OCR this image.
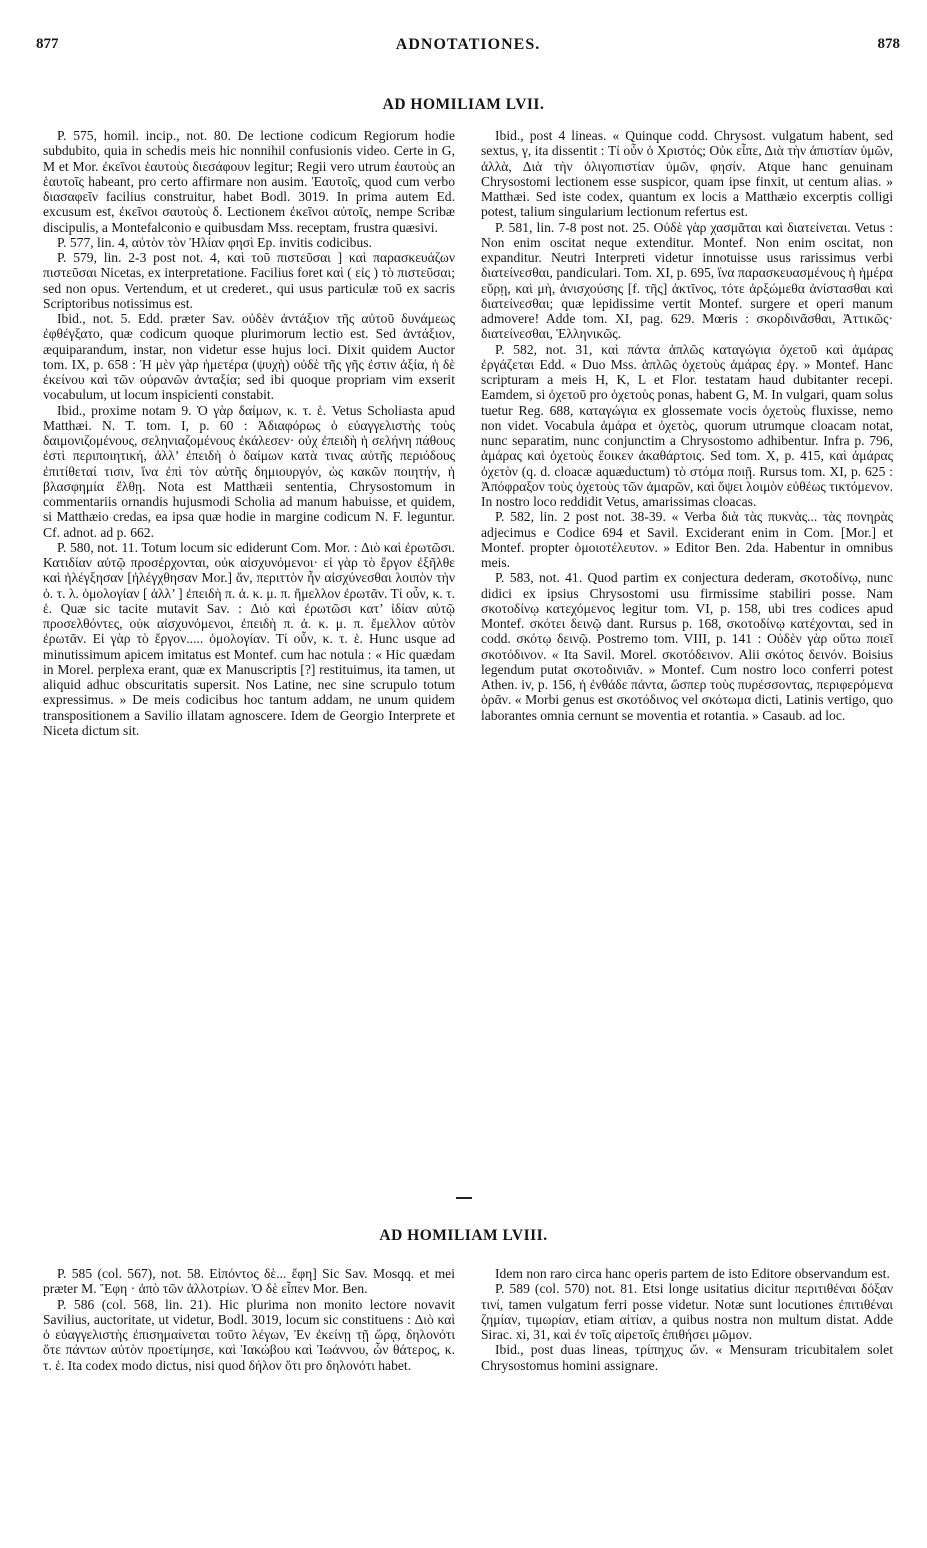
877	ADNOTATIONES.	878
AD HOMILIAM LVII.

P. 575, homil. incip., not. 80. De lectione codicum Regiorum hodie subdubito, quia in schedis meis hic nonnihil confusionis video. Certe in G, M et Mor. ἐκεῖνοι ἑαυτοὺς διεσάφουν legitur; Regii vero utrum ἑαυτοὺς an ἑαυτοῖς habeant, pro certo affirmare non ausim. Ἑαυτοῖς, quod cum verbo διασαφεῖν facilius construitur, habet Bodl. 3019. In prima autem Ed. excusum est, ἐκεῖνοι σαυτοὺς δ. Lectionem ἐκεῖνοι αὐτοῖς, nempe Scribæ discipulis, a Montefalconio e quibusdam Mss. receptam, frustra quæsivi.

P. 577, lin. 4, αὐτὸν τὸν Ἠλίαν φησὶ Ep. invitis codicibus.

P. 579, lin. 2-3 post not. 4, καὶ τοῦ πιστεῦσαι ] καὶ παρασκευάζων πιστεῦσαι Nicetas, ex interpretatione. Facilius foret καὶ ( εἰς ) τὸ πιστεῦσαι; sed non opus. Vertendum, et ut crederet., qui usus particulæ τοῦ ex sacris Scriptoribus notissimus est.

Ibid., not. 5. Edd. præter Sav. οὐδὲν ἀντάξιον τῆς αὐτοῦ δυνάμεως ἐφθέγξατο, quæ codicum quoque plurimorum lectio est. Sed ἀντάξιον, æquiparandum, instar, non videtur esse hujus loci. Dixit quidem Auctor tom. IX, p. 658 : Ἡ μὲν γὰρ ἡμετέρα (ψυχὴ) οὐδὲ τῆς γῆς ἐστιν ἀξία, ἡ δὲ ἐκείνου καὶ τῶν οὐρανῶν ἀνταξία; sed ibi quoque propriam vim exserit vocabulum, ut locum inspicienti constabit.

Ibid., proxime notam 9. Ὁ γὰρ δαίμων, κ. τ. ἑ. Vetus Scholiasta apud Matthæi. N. T. tom. I, p. 60 : Ἀδιαφόρως ὁ εὐαγγελιστὴς τοὺς δαιμονιζομένους, σεληνιαζομένους ἐκάλεσεν· οὐχ ἐπειδὴ ἡ σελήνη πάθους ἐστὶ περιποιητική, ἀλλ’ ἐπειδὴ ὁ δαίμων κατὰ τινας αὐτῆς περιόδους ἐπιτίθεταί τισιν, ἵνα ἐπὶ τὸν αὐτῆς δημιουργόν, ὡς κακῶν ποιητήν, ἡ βλασφημία ἔλθῃ. Nota est Matthæii sententia, Chrysostomum in commentariis ornandis hujusmodi Scholia ad manum habuisse, et quidem, si Matthæio credas, ea ipsa quæ hodie in margine codicum N. F. leguntur. Cf. adnot. ad p. 662.

P. 580, not. 11. Totum locum sic ediderunt Com. Mor. : Διὸ καὶ ἐρωτῶσι. Κατιδίαν αὐτῷ προσέρχονται, οὐκ αἰσχυνόμενοι· εἰ γὰρ τὸ ἔργον ἐξῆλθε καὶ ἠλέγξησαν [ἠλέγχθησαν Mor.] ἄν, περιττὸν ἦν αἰσχύνεσθαι λοιπὸν τὴν ὁ. τ. λ. ὁμολογίαν [ ἀλλ’ ] ἐπειδὴ π. ἀ. κ. μ. π. ἤμελλον ἐρωτᾶν. Τί οὖν, κ. τ. ἑ. Quæ sic tacite mutavit Sav. : Διὸ καὶ ἐρωτῶσι κατ’ ἰδίαν αὐτῷ προσελθόντες, οὐκ αἰσχυνόμενοι, ἐπειδὴ π. ἀ. κ. μ. π. ἔμελλον αὐτὸν ἐρωτᾶν. Εἰ γὰρ τὸ ἔργον..... ὁμολογίαν. Τί οὖν, κ. τ. ἑ. Hunc usque ad minutissimum apicem imitatus est Montef. cum hac notula : « Hic quædam in Morel. perplexa erant, quæ ex Manuscriptis [?] restituimus, ita tamen, ut aliquid adhuc obscuritatis supersit. Nos Latine, nec sine scrupulo totum expressimus. » De meis codicibus hoc tantum addam, ne unum quidem transpositionem a Savilio illatam agnoscere. Idem de Georgio Interprete et Niceta dictum sit.

Ibid., post 4 lineas. « Quinque codd. Chrysost. vulgatum habent, sed sextus, γ, ita dissentit : Τί οὖν ὁ Χριστός; Οὐκ εἶπε, Διὰ τὴν ἀπιστίαν ὑμῶν, ἀλλὰ, Διὰ τὴν ὀλιγοπιστίαν ὑμῶν, φησίν. Atque hanc genuinam Chrysostomi lectionem esse suspicor, quam ipse finxit, ut centum alias. » Matthæi. Sed iste codex, quantum ex locis a Matthæio excerptis colligi potest, talium singularium lectionum refertus est.

P. 581, lin. 7-8 post not. 25. Οὐδὲ γὰρ χασμᾶται καὶ διατείνεται. Vetus : Non enim oscitat neque extenditur. Montef. Non enim oscitat, non expanditur. Neutri Interpreti videtur innotuisse usus rarissimus verbi διατείνεσθαι, pandiculari. Tom. XI, p. 695, ἵνα παρασκευασμένους ἡ ἡμέρα εὕρῃ, καὶ μὴ, ἀνισχούσης [f. τῆς] ἀκτῖνος, τότε ἀρξώμεθα ἀνίστασθαι καὶ διατείνεσθαι; quæ lepidissime vertit Montef. surgere et operi manum admovere! Adde tom. XI, pag. 629. Mœris : σκορδινᾶσθαι, Ἀττικῶς· διατείνεσθαι, Ἑλληνικῶς.

P. 582, not. 31, καὶ πάντα ἁπλῶς καταγώγια ὀχετοῦ καὶ ἀμάρας ἐργάζεται Edd. « Duo Mss. ἁπλῶς ὀχετοὺς ἀμάρας ἐργ. » Montef. Hanc scripturam a meis H, K, L et Flor. testatam haud dubitanter recepi. Eamdem, si ὀχετοῦ pro ὀχετοὺς ponas, habent G, M. In vulgari, quam solus tuetur Reg. 688, καταγώγια ex glossemate vocis ὀχετοὺς fluxisse, nemo non videt. Vocabula ἀμάρα et ὀχετὸς, quorum utrumque cloacam notat, nunc separatim, nunc conjunctim a Chrysostomo adhibentur. Infra p. 796, ἀμάρας καὶ ὀχετοὺς ἔοικεν ἀκαθάρτοις. Sed tom. X, p. 415, καὶ ἀμάρας ὀχετὸν (q. d. cloacæ aquæductum) τὸ στόμα ποιῇ. Rursus tom. XI, p. 625 : Ἀπόφραξον τοὺς ὀχετοὺς τῶν ἀμαρῶν, καὶ ὄψει λοιμὸν εὐθέως τικτόμενον. In nostro loco reddidit Vetus, amarissimas cloacas.

P. 582, lin. 2 post not. 38-39. « Verba διὰ τὰς πυκνὰς... τὰς πονηρὰς adjecimus e Codice 694 et Savil. Exciderant enim in Com. [Mor.] et Montef. propter ὁμοιοτέλευτον. » Editor Ben. 2da. Habentur in omnibus meis.

P. 583, not. 41. Quod partim ex conjectura dederam, σκοτοδίνῳ, nunc didici ex ipsius Chrysostomi usu firmissime stabiliri posse. Nam σκοτοδίνῳ κατεχόμενος legitur tom. VI, p. 158, ubi tres codices apud Montef. σκότει δεινῷ dant. Rursus p. 168, σκοτοδίνῳ κατέχονται, sed in codd. σκότῳ δεινῷ. Postremo tom. VIII, p. 141 : Οὐδὲν γὰρ οὕτω ποιεῖ σκοτόδινον. « Ita Savil. Morel. σκοτόδεινον. Alii σκότος δεινόν. Boisius legendum putat σκοτοδινιᾶν. » Montef. Cum nostro loco conferri potest Athen. iv, p. 156, ἡ ἐνθάδε πάντα, ὥσπερ τοὺς πυρέσσοντας, περιφερόμενα ὁρᾶν. « Morbi genus est σκοτόδινος vel σκότωμα dicti, Latinis vertigo, quo laborantes omnia cernunt se moventia et rotantia. » Casaub. ad loc.

AD HOMILIAM LVIII.

P. 585 (col. 567), not. 58. Εἰπόντος δὲ... ἔφη] Sic Sav. Mosqq. et mei præter M. Ἔφη · ἀπὸ τῶν ἀλλοτρίων. Ὁ δὲ εἶπεν Mor. Ben.

P. 586 (col. 568, lin. 21). Hic plurima non monito lectore novavit Savilius, auctoritate, ut videtur, Bodl. 3019, locum sic constituens : Διὸ καὶ ὁ εὐαγγελιστὴς ἐπισημαίνεται τοῦτο λέγων, Ἐν ἐκείνῃ τῇ ὥρᾳ, δηλονότι ὅτε πάντων αὐτὸν προετίμησε, καὶ Ἰακώβου καὶ Ἰωάννου, ὧν θάτερος, κ. τ. ἑ. Ita codex modo dictus, nisi quod δήλον ὅτι pro δηλονότι habet.

Idem non raro circa hanc operis partem de isto Editore observandum est.

P. 589 (col. 570) not. 81. Etsi longe usitatius dicitur περιτιθέναι δόξαν τινί, tamen vulgatum ferri posse videtur. Notæ sunt locutiones ἐπιτιθέναι ζημίαν, τιμωρίαν, etiam αἰτίαν, a quibus nostra non multum distat. Adde Sirac. xi, 31, καὶ ἐν τοῖς αἱρετοῖς ἐπιθήσει μῶμον.

Ibid., post duas lineas, τρίπηχυς ὤν. « Mensuram tricubitalem solet Chrysostomus homini assignare.
